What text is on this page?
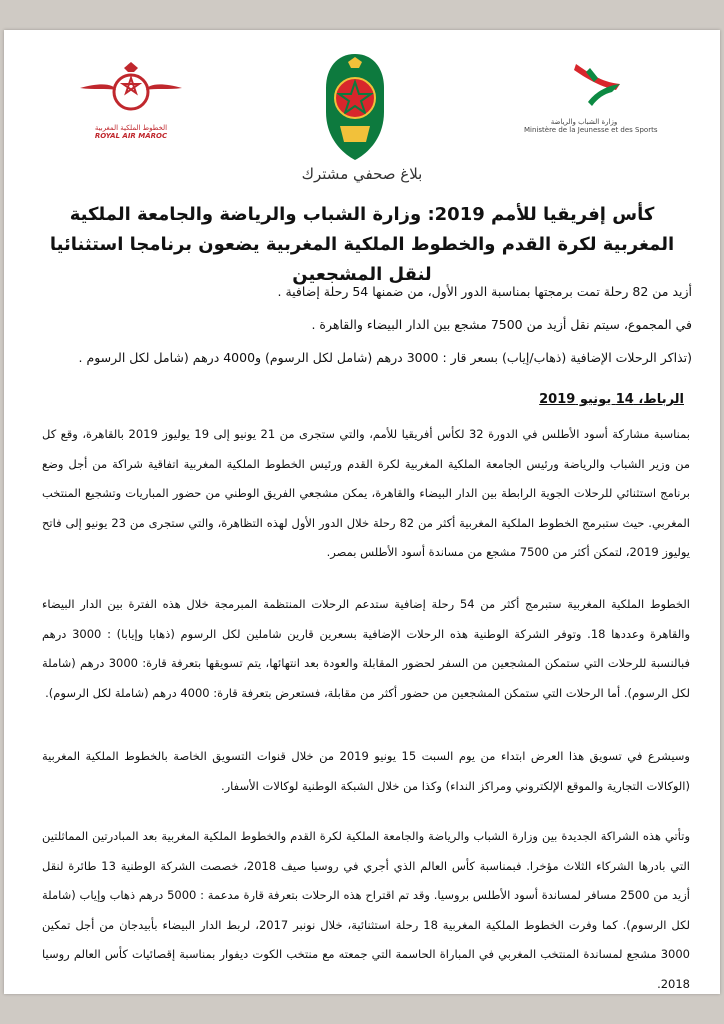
الخطوط الملكية المغربية
ROYAL AIR MAROC
وزارة الشباب والرياضة
Ministère de la Jeunesse et des Sports
بلاغ صحفي مشترك
كأس إفريقيا للأمم 2019: وزارة الشباب والرياضة والجامعة الملكية المغربية لكرة القدم والخطوط الملكية المغربية يضعون برنامجا استثنائيا لنقل المشجعين

أزيد من 82 رحلة تمت برمجتها بمناسبة الدور الأول، من ضمنها 54 رحلة إضافية .

في المجموع، سيتم نقل أزيد من 7500 مشجع بين الدار البيضاء والقاهرة .

(تذاكر الرحلات الإضافية (ذهاب/إياب) بسعر قار : 3000 درهم (شامل لكل الرسوم) و4000 درهم (شامل لكل الرسوم .

الرباط، 14 يونيو 2019

بمناسبة مشاركة أسود الأطلس في الدورة 32 لكأس أفريقيا للأمم، والتي ستجرى من 21 يونيو إلى 19 يوليوز 2019 بالقاهرة، وقع كل من وزير الشباب والرياضة ورئيس الجامعة الملكية المغربية لكرة القدم ورئيس الخطوط الملكية المغربية اتفاقية شراكة من أجل وضع برنامج استثنائي للرحلات الجوية الرابطة بين الدار البيضاء والقاهرة، يمكن مشجعي الفريق الوطني من حضور المباريات وتشجيع المنتخب المغربي. حيث ستبرمج الخطوط الملكية المغربية أكثر من 82 رحلة خلال الدور الأول لهذه التظاهرة، والتي ستجرى من 23 يونيو إلى فاتح يوليوز 2019، لتمكن أكثر من 7500 مشجع من مساندة أسود الأطلس بمصر.

الخطوط الملكية المغربية ستبرمج أكثر من 54 رحلة إضافية ستدعم الرحلات المنتظمة المبرمجة خلال هذه الفترة بين الدار البيضاء والقاهرة وعددها 18. وتوفر الشركة الوطنية هذه الرحلات الإضافية بسعرين قارين شاملين لكل الرسوم (ذهابا وإيابا) : 3000 درهم فبالنسبة للرحلات التي ستمكن المشجعين من السفر لحضور المقابلة والعودة بعد انتهائها، يتم تسويقها بتعرفة قارة: 3000 درهم (شاملة لكل الرسوم). أما الرحلات التي ستمكن المشجعين من حضور أكثر من مقابلة، فستعرض بتعرفة قارة: 4000 درهم (شاملة لكل الرسوم).

وسيشرع في تسويق هذا العرض ابتداء من يوم السبت 15 يونيو 2019 من خلال قنوات التسويق الخاصة بالخطوط الملكية المغربية (الوكالات التجارية والموقع الإلكتروني ومراكز النداء) وكذا من خلال الشبكة الوطنية لوكالات الأسفار.

وتأتي هذه الشراكة الجديدة بين وزارة الشباب والرياضة والجامعة الملكية لكرة القدم والخطوط الملكية المغربية بعد المبادرتين المماثلتين التي بادرها الشركاء الثلاث مؤخرا. فبمناسبة كأس العالم الذي أجري في روسيا صيف 2018، خصصت الشركة الوطنية 13 طائرة لنقل أزيد من 2500 مسافر لمساندة أسود الأطلس بروسيا. وقد تم اقتراح هذه الرحلات بتعرفة قارة مدعمة : 5000 درهم ذهاب وإياب (شاملة لكل الرسوم). كما وفرت الخطوط الملكية المغربية 18 رحلة استثنائية، خلال نونبر 2017، لربط الدار البيضاء بأبيدجان من أجل تمكين 3000 مشجع لمساندة المنتخب المغربي في المباراة الحاسمة التي جمعته مع منتخب الكوت ديفوار بمناسبة إقصائيات كأس العالم روسيا 2018.
